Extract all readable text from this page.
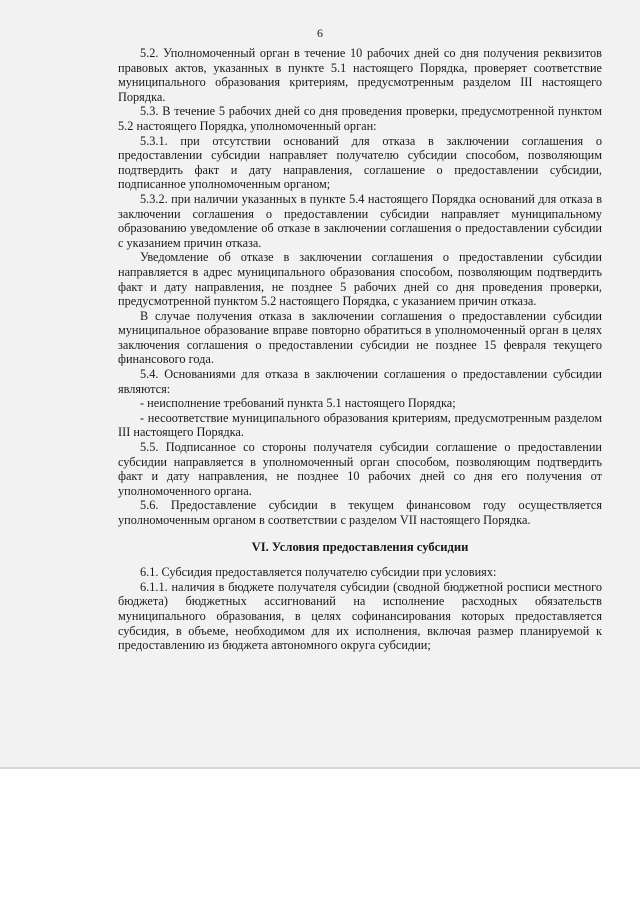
6

5.2. Уполномоченный орган в течение 10 рабочих дней со дня получения реквизитов правовых актов, указанных в пункте 5.1 настоящего Порядка, проверяет соответствие муниципального образования критериям, предусмотренным разделом III настоящего Порядка.

5.3. В течение 5 рабочих дней со дня проведения проверки, предусмотренной пунктом 5.2 настоящего Порядка, уполномоченный орган:

5.3.1. при отсутствии оснований для отказа в заключении соглашения о предоставлении субсидии направляет получателю субсидии способом, позволяющим подтвердить факт и дату направления, соглашение о предоставлении субсидии, подписанное уполномоченным органом;

5.3.2. при наличии указанных в пункте 5.4 настоящего Порядка оснований для отказа в заключении соглашения о предоставлении субсидии направляет муниципальному образованию уведомление об отказе в заключении соглашения о предоставлении субсидии с указанием причин отказа.

Уведомление об отказе в заключении соглашения о предоставлении субсидии направляется в адрес муниципального образования способом, позволяющим подтвердить факт и дату направления, не позднее 5 рабочих дней со дня проведения проверки, предусмотренной пунктом 5.2 настоящего Порядка, с указанием причин отказа.

В случае получения отказа в заключении соглашения о предоставлении субсидии муниципальное образование вправе повторно обратиться в уполномоченный орган в целях заключения соглашения о предоставлении субсидии не позднее 15 февраля текущего финансового года.

5.4. Основаниями для отказа в заключении соглашения о предоставлении субсидии являются:

- неисполнение требований пункта 5.1 настоящего Порядка;

- несоответствие муниципального образования критериям, предусмотренным разделом III настоящего Порядка.

5.5. Подписанное со стороны получателя субсидии соглашение о предоставлении субсидии направляется в уполномоченный орган способом, позволяющим подтвердить факт и дату направления, не позднее 10 рабочих дней со дня его получения от уполномоченного органа.

5.6. Предоставление субсидии в текущем финансовом году осуществляется уполномоченным органом в соответствии с разделом VII настоящего Порядка.

VI. Условия предоставления субсидии

6.1. Субсидия предоставляется получателю субсидии при условиях:

6.1.1. наличия в бюджете получателя субсидии (сводной бюджетной росписи местного бюджета) бюджетных ассигнований на исполнение расходных обязательств муниципального образования, в целях софинансирования которых предоставляется субсидия, в объеме, необходимом для их исполнения, включая размер планируемой к предоставлению из бюджета автономного округа субсидии;
